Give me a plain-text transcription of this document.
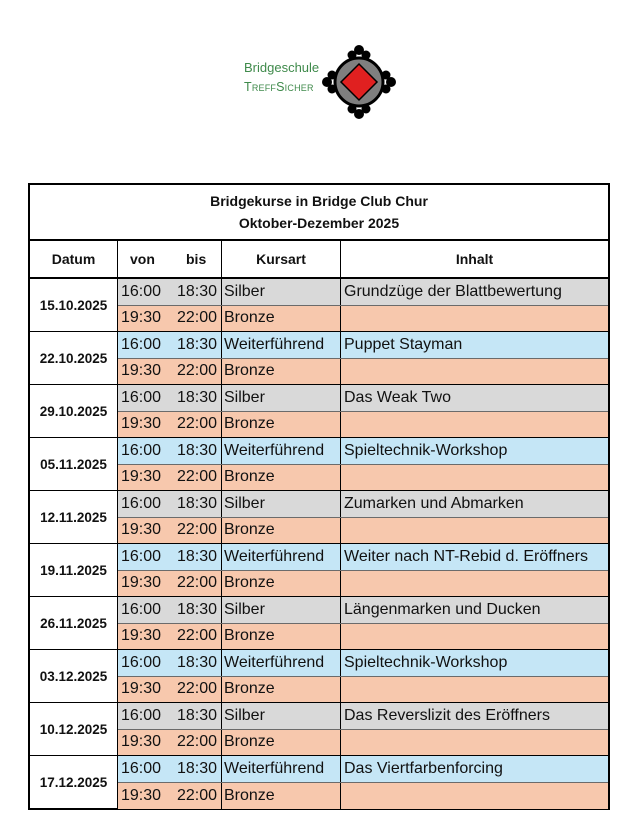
Bridgeschule
TreffSicher
Bridgekurse in Bridge Club Chur
Oktober-Dezember 2025
Datum	von	bis	Kursart	Inhalt
15.10.2025
16:00 18:30 Silber	Grundzüge der Blattbewertung
19:30 22:00 Bronze
22.10.2025
16:00 18:30 Weiterführend	Puppet Stayman
19:30 22:00 Bronze
29.10.2025
16:00 18:30 Silber	Das Weak Two
19:30 22:00 Bronze
05.11.2025
16:00 18:30 Weiterführend	Spieltechnik-Workshop
19:30 22:00 Bronze
12.11.2025
16:00 18:30 Silber	Zumarken und Abmarken
19:30 22:00 Bronze
19.11.2025
16:00 18:30 Weiterführend	Weiter nach NT-Rebid d. Eröffners
19:30 22:00 Bronze
26.11.2025
16:00 18:30 Silber	Längenmarken und Ducken
19:30 22:00 Bronze
03.12.2025
16:00 18:30 Weiterführend	Spieltechnik-Workshop
19:30 22:00 Bronze
10.12.2025
16:00 18:30 Silber	Das Reverslizit des Eröffners
19:30 22:00 Bronze
17.12.2025
16:00 18:30 Weiterführend	Das Viertfarbenforcing
19:30 22:00 Bronze
